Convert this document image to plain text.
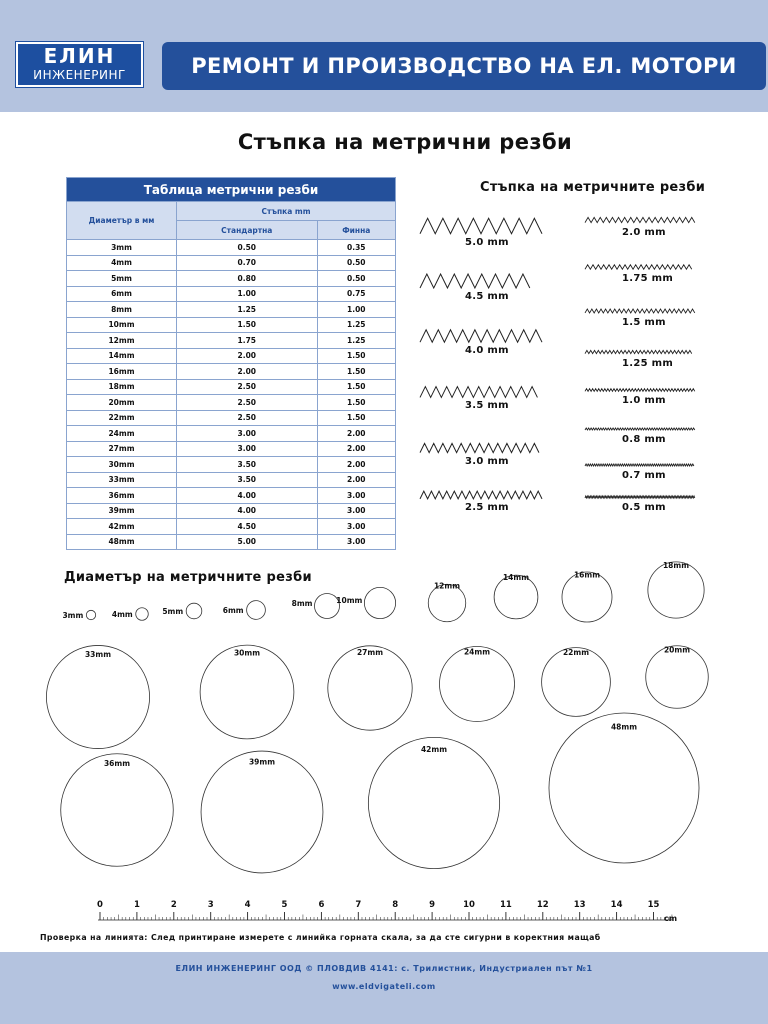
ЕЛИН
ИНЖЕНЕРИНГ	РЕМОНТ И ПРОИЗВОДСТВО НА ЕЛ. МОТОРИ
Стъпка на метрични резби
Таблица метрични резби		
Диаметър в мм	Стъпка mm	
	Стандартна	Финна
3mm	0.50	0.35
4mm	0.70	0.50
5mm	0.80	0.50
6mm	1.00	0.75
8mm	1.25	1.00
10mm	1.50	1.25
12mm	1.75	1.25
14mm	2.00	1.50
16mm	2.00	1.50
18mm	2.50	1.50
20mm	2.50	1.50
22mm	2.50	1.50
24mm	3.00	2.00
27mm	3.00	2.00
30mm	3.50	2.00
33mm	3.50	2.00
36mm	4.00	3.00
39mm	4.00	3.00
42mm	4.50	3.00
48mm	5.00	3.00
Стъпка на метричните резби
5.0 mm
4.5 mm
4.0 mm
3.5 mm
3.0 mm
2.5 mm
2.0 mm
1.75 mm
1.5 mm
1.25 mm
1.0 mm
0.8 mm
0.7 mm
0.5 mm
Диаметър на метричните резби
3mm	4mm	5mm	6mm
8mm	10mm
12mm
14mm	16mm
18mm
33mm	30mm	27mm	24mm	22mm	20mm
36mm	39mm
42mm
48mm
0	1	2	3	4	5	6	7	8	9	10	11	12	13	14	15
cm
Проверка на линията: След принтиране измерете с линийка горната скала, за да сте сигурни в коректния мащаб
ЕЛИН ИНЖЕНЕРИНГ ООД © ПЛОВДИВ 4141: с. Трилистник, Индустриален път №1
www.eldvigateli.com
